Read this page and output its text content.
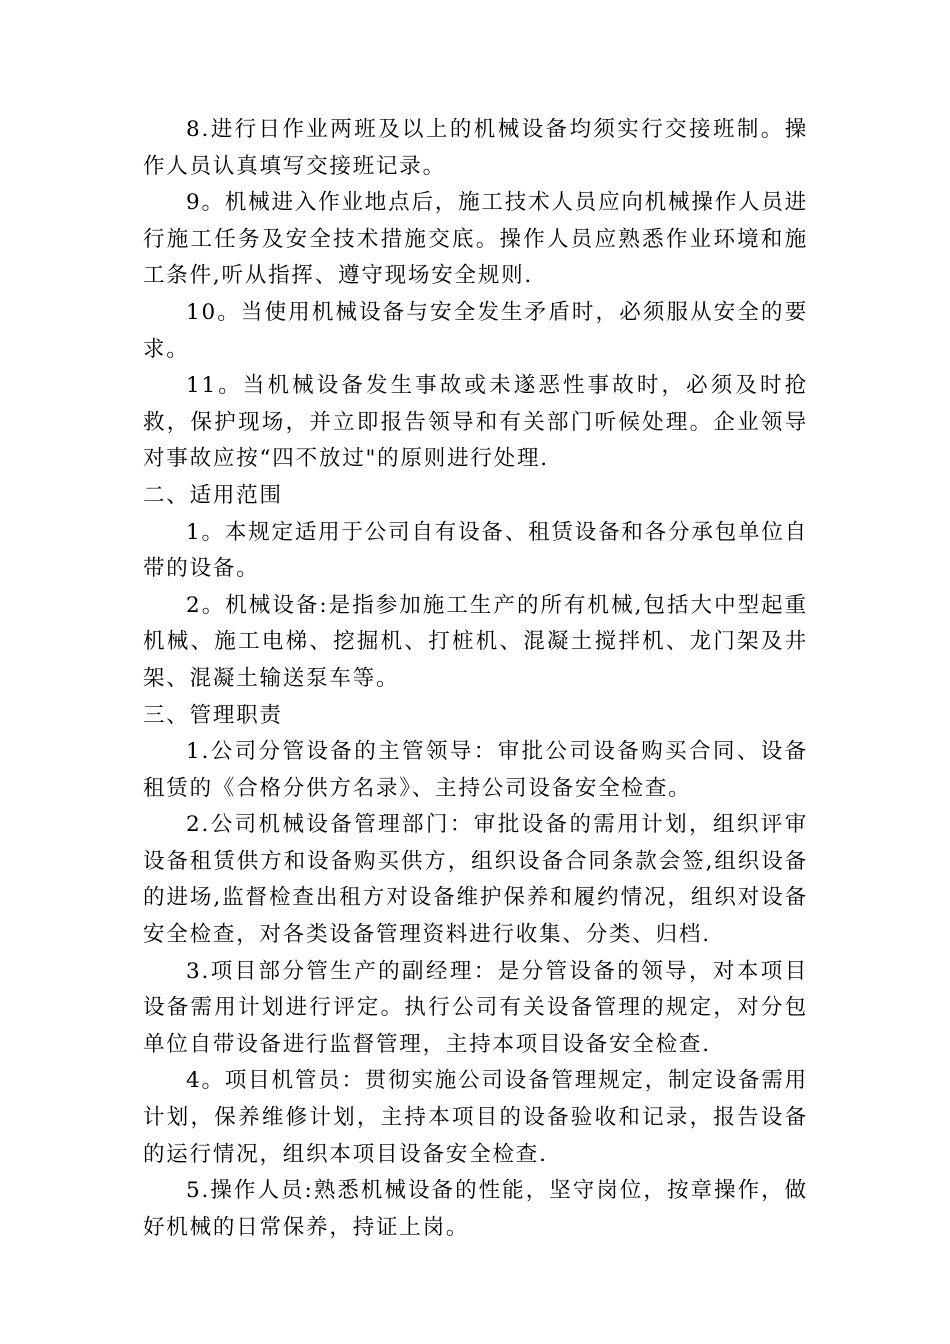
8.进行日作业两班及以上的机械设备均须实行交接班制。操作人员认真填写交接班记录。

9。机械进入作业地点后，施工技术人员应向机械操作人员进行施工任务及安全技术措施交底。操作人员应熟悉作业环境和施工条件,听从指挥、遵守现场安全规则.

10。当使用机械设备与安全发生矛盾时，必须服从安全的要求。

11。当机械设备发生事故或未遂恶性事故时，必须及时抢救，保护现场，并立即报告领导和有关部门听候处理。企业领导对事故应按“四不放过"的原则进行处理.

二、适用范围

1。本规定适用于公司自有设备、租赁设备和各分承包单位自带的设备。

2。机械设备:是指参加施工生产的所有机械,包括大中型起重机械、施工电梯、挖掘机、打桩机、混凝土搅拌机、龙门架及井架、混凝土输送泵车等。

三、管理职责

1.公司分管设备的主管领导：审批公司设备购买合同、设备租赁的《合格分供方名录》、主持公司设备安全检查。

2.公司机械设备管理部门：审批设备的需用计划，组织评审设备租赁供方和设备购买供方，组织设备合同条款会签,组织设备的进场,监督检查出租方对设备维护保养和履约情况，组织对设备安全检查，对各类设备管理资料进行收集、分类、归档.

3.项目部分管生产的副经理：是分管设备的领导，对本项目设备需用计划进行评定。执行公司有关设备管理的规定，对分包单位自带设备进行监督管理，主持本项目设备安全检查.

4。项目机管员：贯彻实施公司设备管理规定，制定设备需用计划，保养维修计划，主持本项目的设备验收和记录，报告设备的运行情况，组织本项目设备安全检查.

5.操作人员:熟悉机械设备的性能，坚守岗位，按章操作，做好机械的日常保养，持证上岗。
